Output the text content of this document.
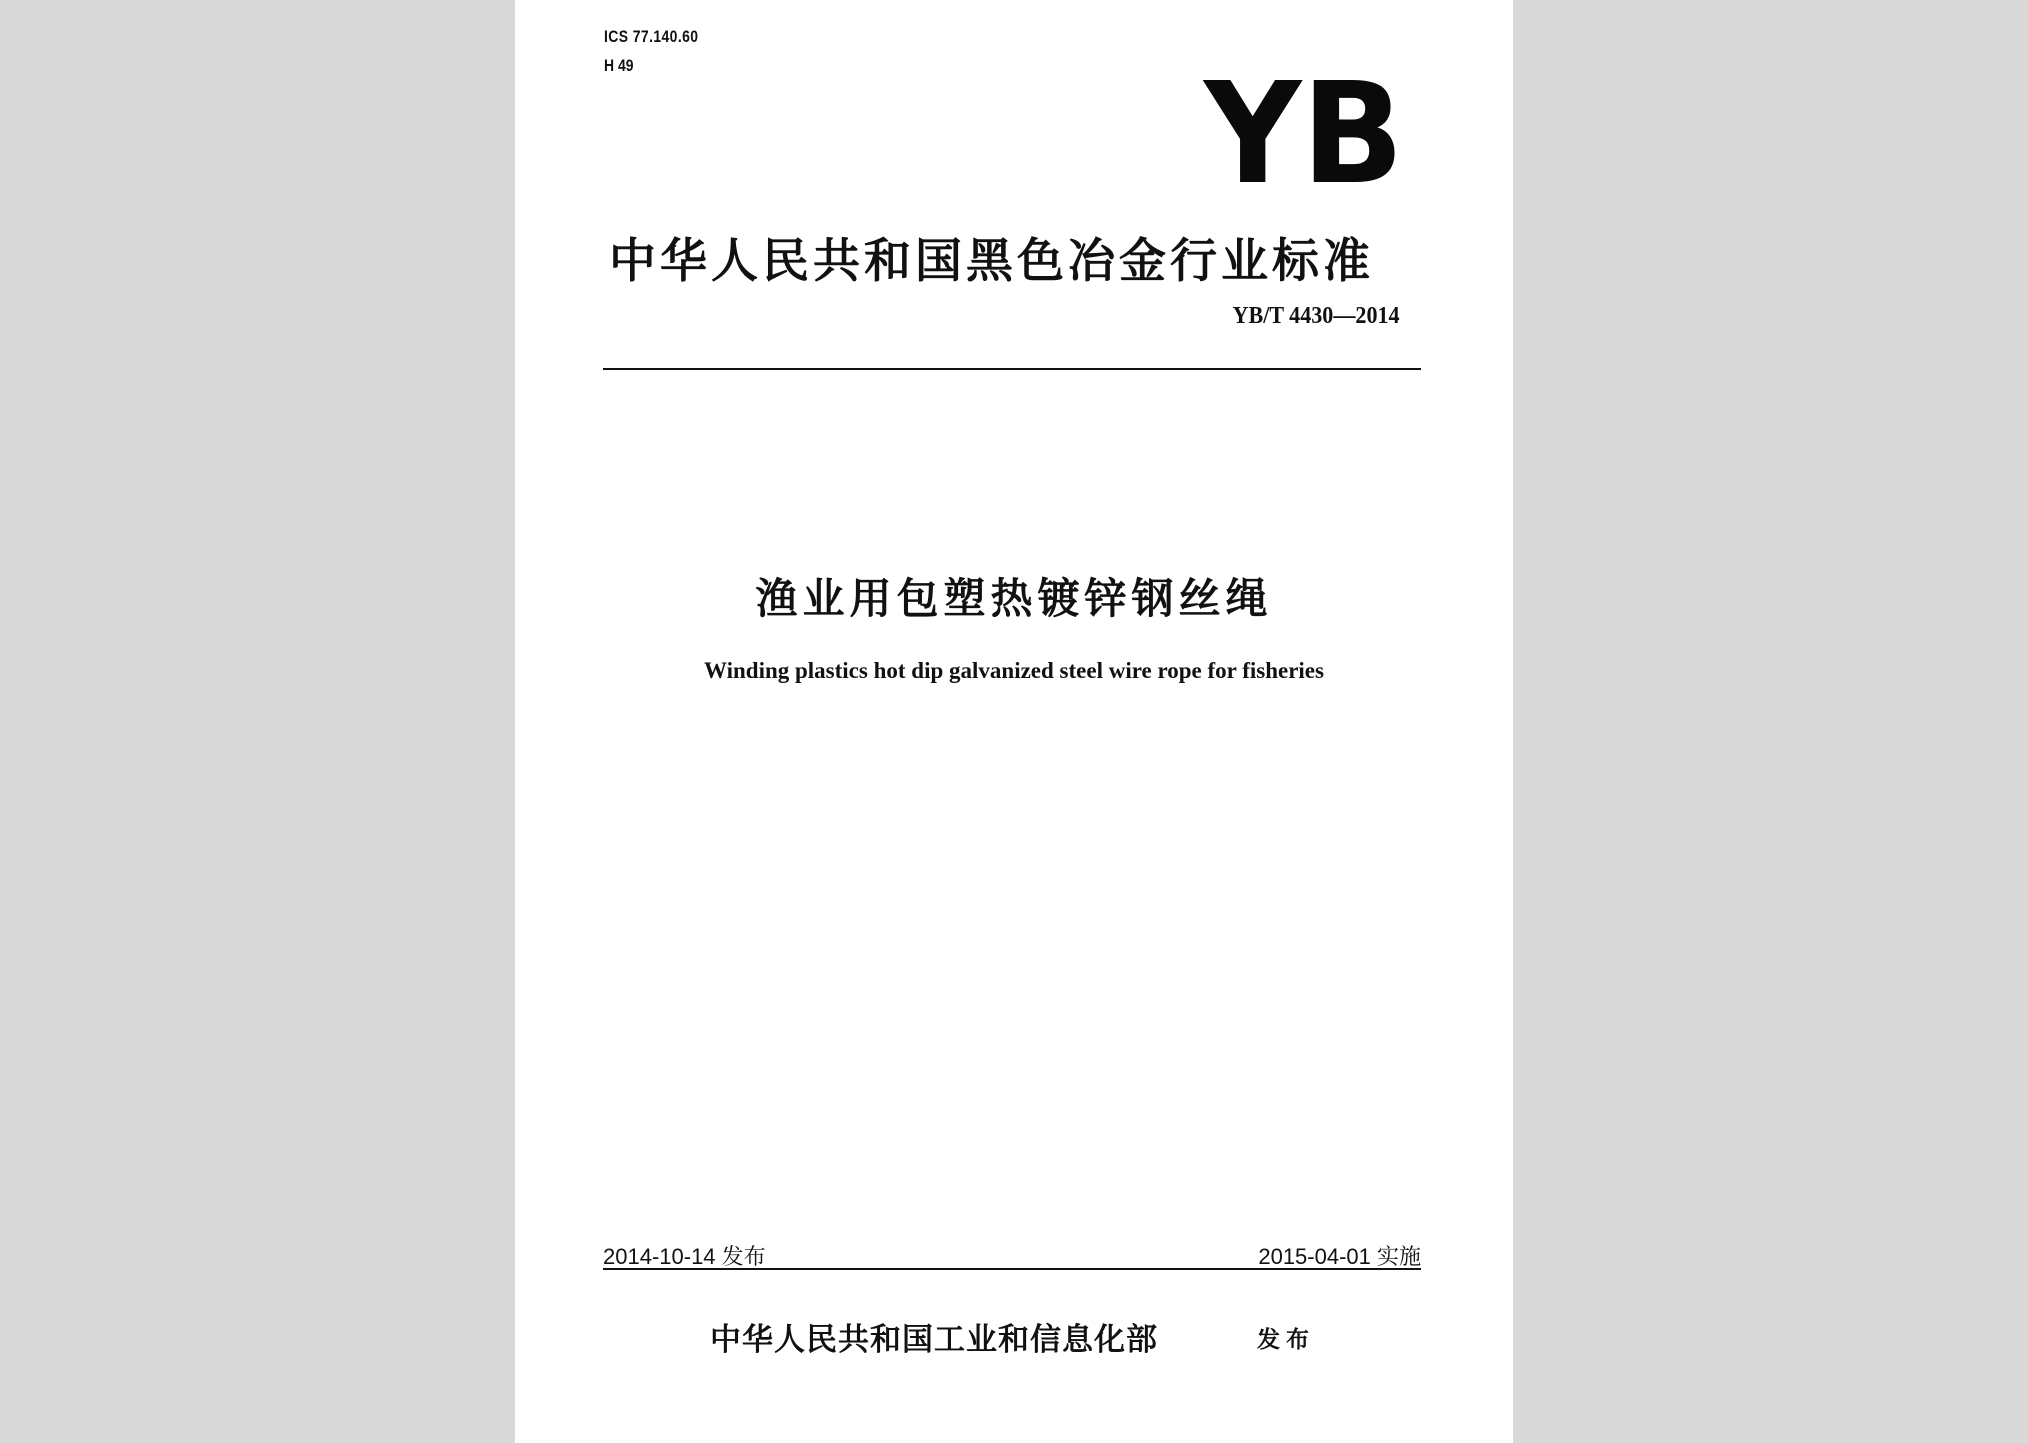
ICS 77.140.60
H 49	YB
中华人民共和国黑色冶金行业标准
YB/T 4430—2014
渔业用包塑热镀锌钢丝绳
Winding plastics hot dip galvanized steel wire rope for fisheries
2014-10-14 发布	2015-04-01 实施
中华人民共和国工业和信息化部	发布
